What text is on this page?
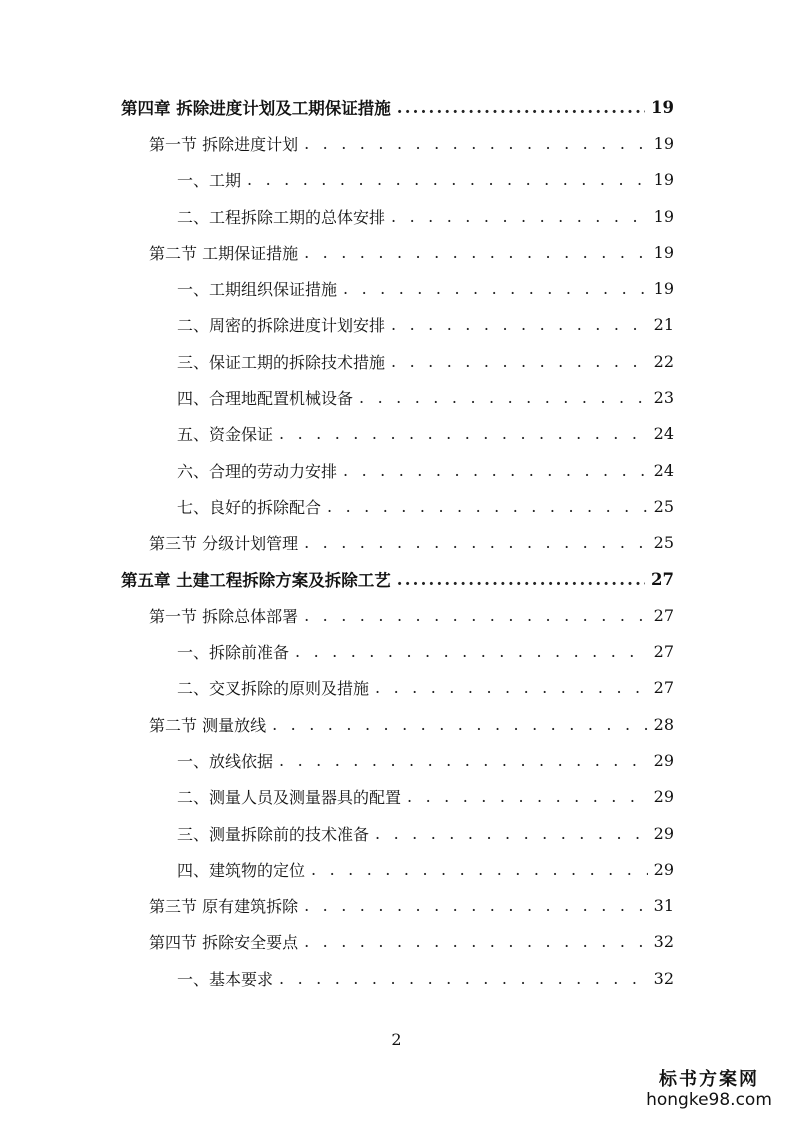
第四章 拆除进度计划及工期保证措施 .....	19
第一节 拆除进度计划 . . .	19
一、工期 . . .	19
二、工程拆除工期的总体安排 . . .	19
第二节 工期保证措施 . . .	19
一、工期组织保证措施 . . .	19
二、周密的拆除进度计划安排 . . .	21
三、保证工期的拆除技术措施 . . .	22
四、合理地配置机械设备 . . .	23
五、资金保证 . . .	24
六、合理的劳动力安排 . . .	24
七、良好的拆除配合 . . .	25
第三节 分级计划管理 . . .	25
第五章 土建工程拆除方案及拆除工艺 .....	27
第一节 拆除总体部署 . . .	27
一、拆除前准备 . . .	27
二、交叉拆除的原则及措施 . . .	27
第二节 测量放线 . . .	28
一、放线依据 . . .	29
二、测量人员及测量器具的配置 . . .	29
三、测量拆除前的技术准备 . . .	29
四、建筑物的定位 . . .	29
第三节 原有建筑拆除 . . .	31
第四节 拆除安全要点 . . .	32
一、基本要求 . . .	32
2
标书方案网
hongke98.com
